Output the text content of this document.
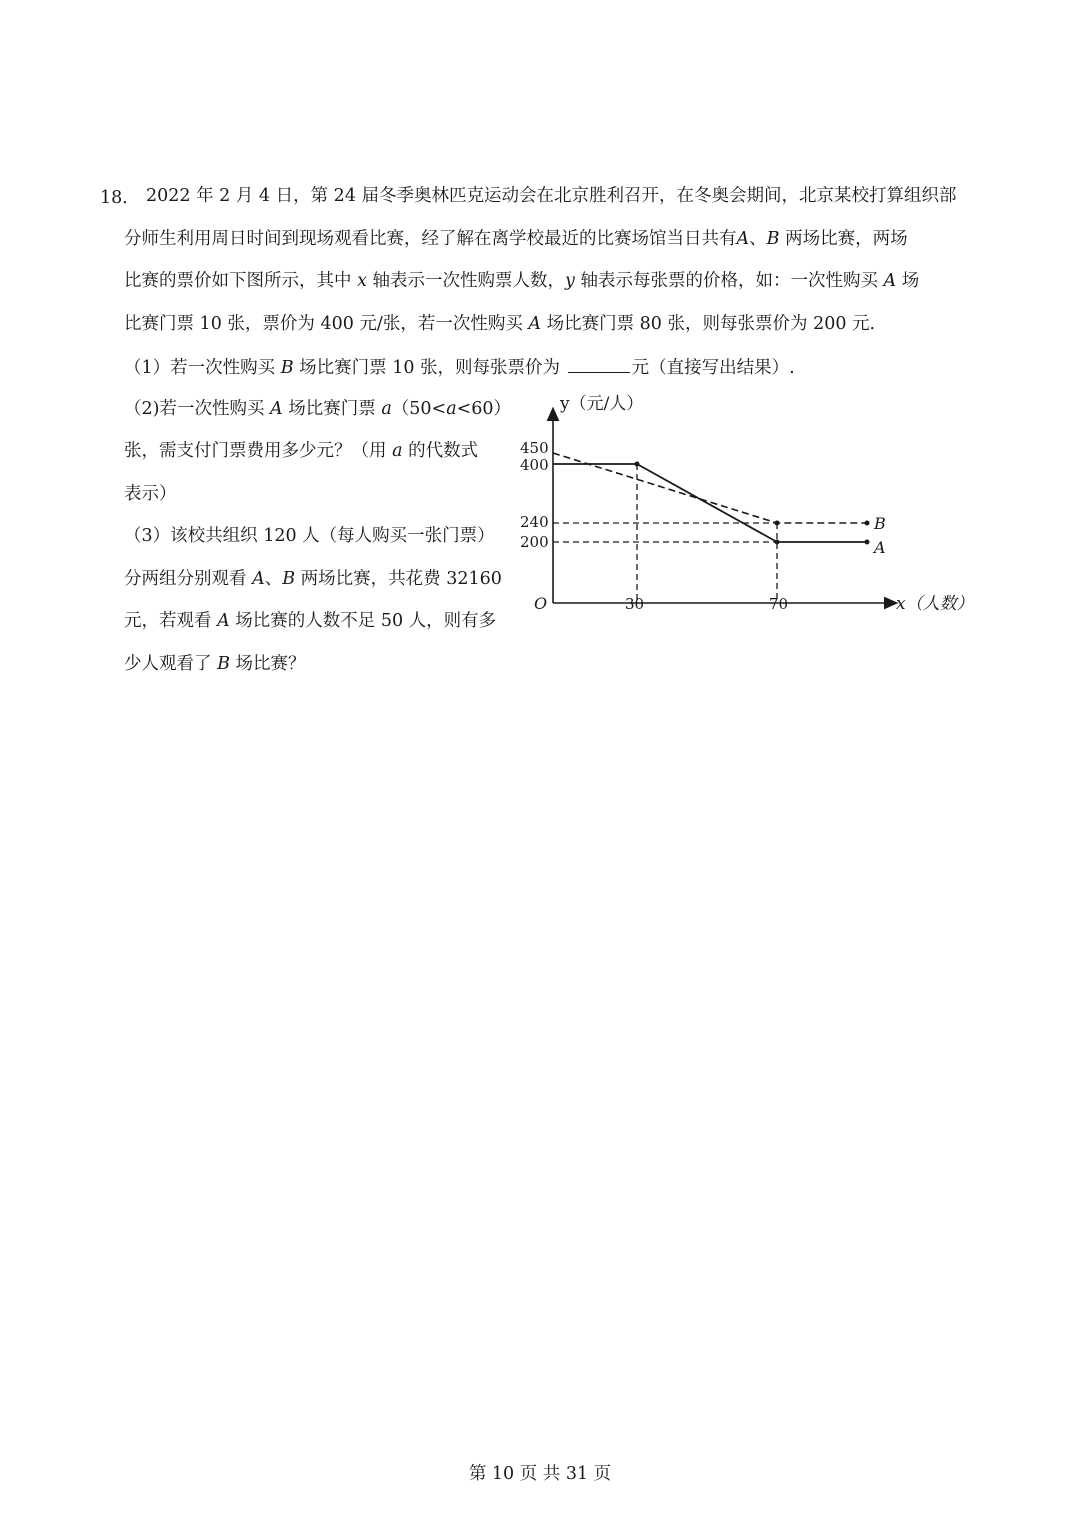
18． 2022 年 2 月 4 日，第 24 届冬季奥林匹克运动会在北京胜利召开，在冬奥会期间，北京某校打算组织部
分师生利用周日时间到现场观看比赛，经了解在离学校最近的比赛场馆当日共有A、B 两场比赛，两场
比赛的票价如下图所示，其中 x 轴表示一次性购票人数，y 轴表示每张票的价格，如：一次性购买 A 场
比赛门票 10 张，票价为 400 元/张，若一次性购买 A 场比赛门票 80 张，则每张票价为 200 元.
（1）若一次性购买 B 场比赛门票 10 张，则每张票价为	元（直接写出结果）.
（2)若一次性购买 A 场比赛门票 a（50<a<60）
张，需支付门票费用多少元？（用 a 的代数式
表示）
（3）该校共组织 120 人（每人购买一张门票）
分两组分别观看 A、B 两场比赛，共花费 32160
元，若观看 A 场比赛的人数不足 50 人，则有多
少人观看了 B 场比赛？
y（元/人）
x（人数）
O
450
400
240
200
30	70
B
A
第 10 页 共 31 页
